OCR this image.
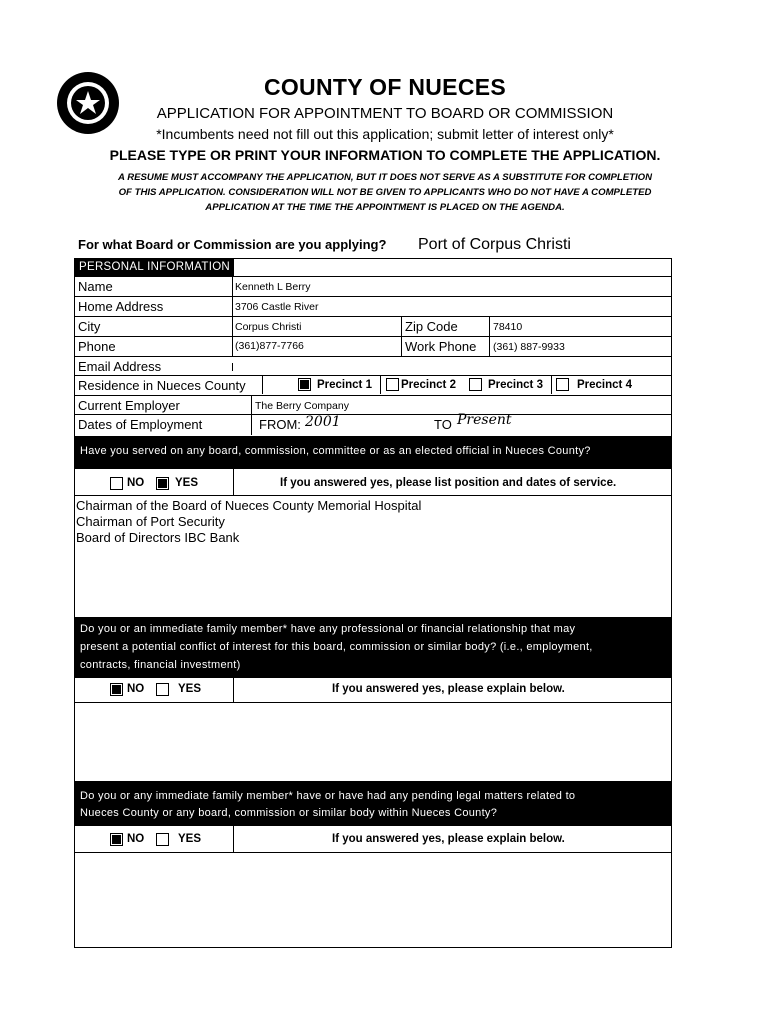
COUNTY OF NUECES
APPLICATION FOR APPOINTMENT TO BOARD OR COMMISSION
*Incumbents need not fill out this application; submit letter of interest only*
PLEASE TYPE OR PRINT YOUR INFORMATION TO COMPLETE THE APPLICATION.
A RESUME MUST ACCOMPANY THE APPLICATION, BUT IT DOES NOT SERVE AS A SUBSTITUTE FOR COMPLETION
OF THIS APPLICATION. CONSIDERATION WILL NOT BE GIVEN TO APPLICANTS WHO DO NOT HAVE A COMPLETED
APPLICATION AT THE TIME THE APPOINTMENT IS PLACED ON THE AGENDA.
For what Board or Commission are you applying? Port of Corpus Christi
PERSONAL INFORMATION
Name	Kenneth L Berry
Home Address	3706 Castle River
City	Corpus Christi	Zip Code	78410
Phone	(361)877-7766	Work Phone (361) 887-9933
Email Address
Residence in Nueces County	Precinct 1	Precinct 2	Precinct 3	Precinct 4
Current Employer	The Berry Company
Dates of Employment	FROM: 2001	TO Present
Have you served on any board, commission, committee or as an elected official in Nueces County?
NO	YES	If you answered yes, please list position and dates of service.
Chairman of the Board of Nueces County Memorial Hospital
Chairman of Port Security
Board of Directors IBC Bank
Do you or an immediate family member* have any professional or financial relationship that may
present a potential conflict of interest for this board, commission or similar body? (i.e., employment,
contracts, financial investment)
NO	YES	If you answered yes, please explain below.
Do you or any immediate family member* have or have had any pending legal matters related to
Nueces County or any board, commission or similar body within Nueces County?
NO	YES	If you answered yes, please explain below.
